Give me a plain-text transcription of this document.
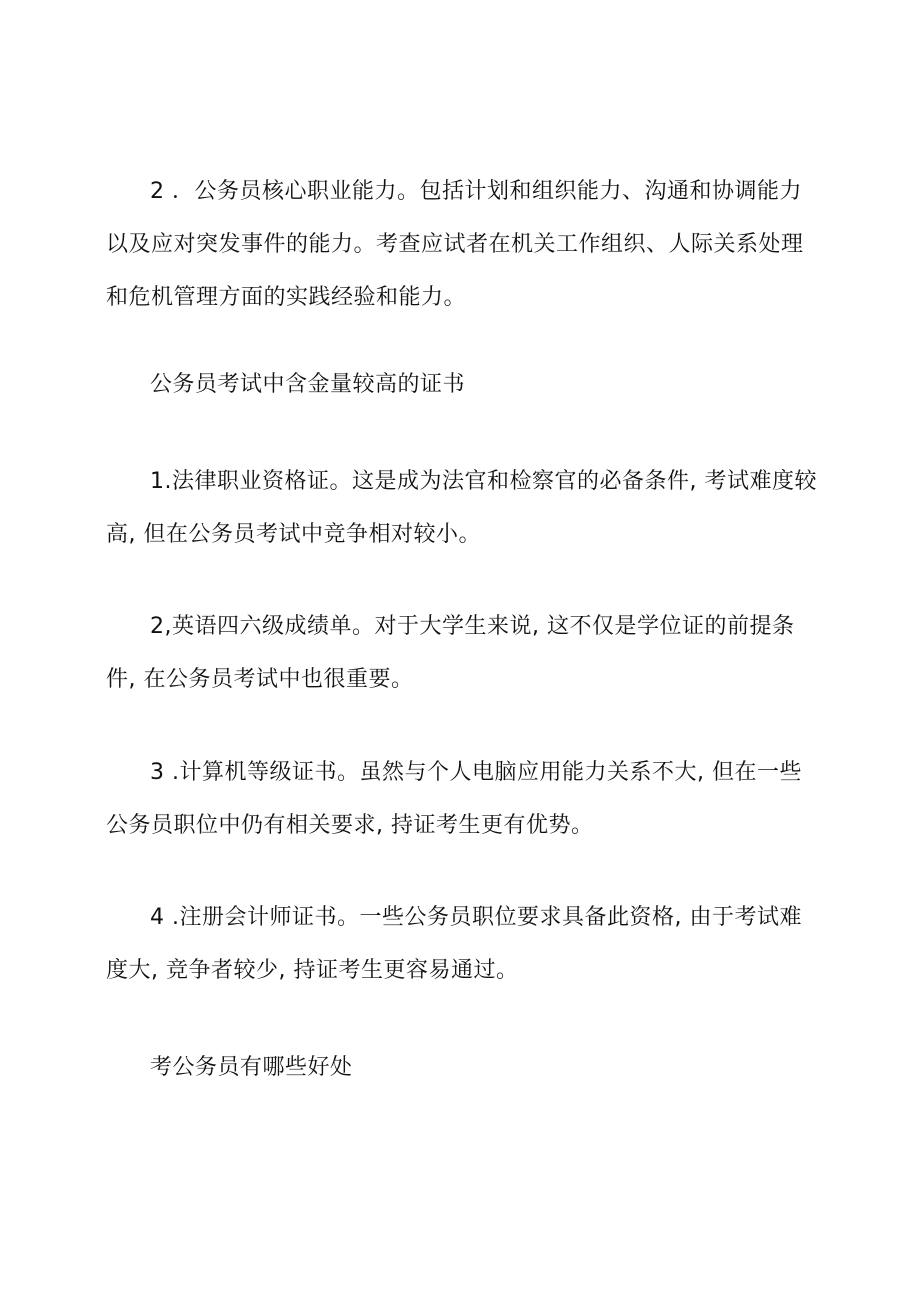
2 ．公务员核心职业能力。包括计划和组织能力、沟通和协调能力以及应对突发事件的能力。考查应试者在机关工作组织、人际关系处理和危机管理方面的实践经验和能力。

公务员考试中含金量较高的证书

1.法律职业资格证。这是成为法官和检察官的必备条件, 考试难度较高, 但在公务员考试中竞争相对较小。

2,英语四六级成绩单。对于大学生来说, 这不仅是学位证的前提条件, 在公务员考试中也很重要。

3 .计算机等级证书。虽然与个人电脑应用能力关系不大, 但在一些公务员职位中仍有相关要求, 持证考生更有优势。

4 .注册会计师证书。一些公务员职位要求具备此资格, 由于考试难度大, 竞争者较少, 持证考生更容易通过。

考公务员有哪些好处
